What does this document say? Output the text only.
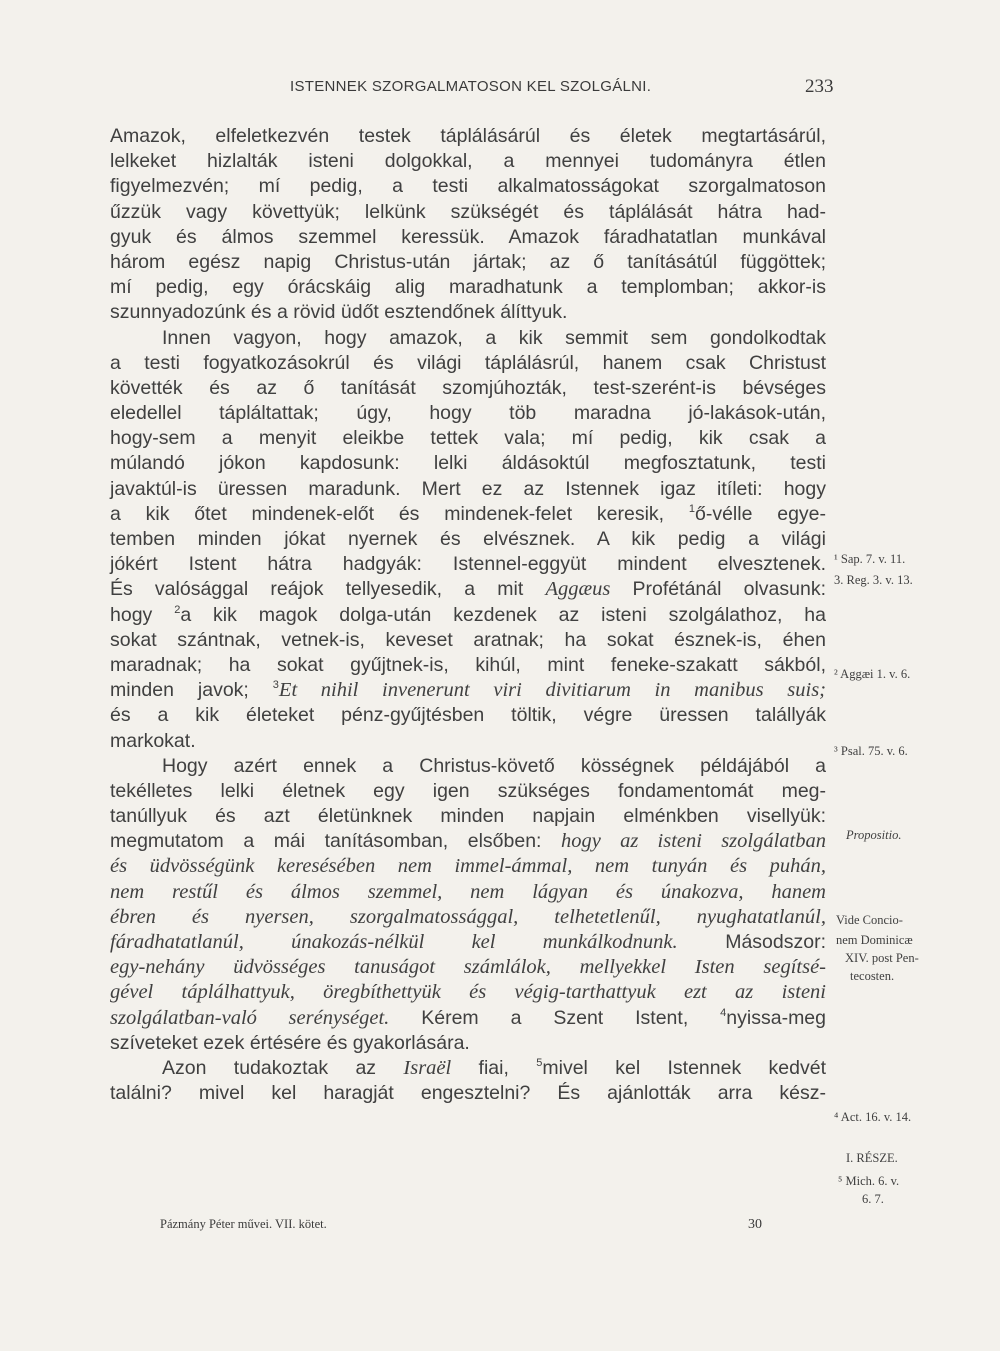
ISTENNEK SZORGALMATOSON KEL SZOLGÁLNI.	233
Amazok, elfeletkezvén testek táplálásárúl és életek megtartásárúl,
lelkeket hizlalták isteni dolgokkal, a mennyei tudományra étlen
figyelmezvén; mí pedig, a testi alkalmatosságokat szorgalmatoson
űzzük vagy követtyük; lelkünk szükségét és táplálását hátra had-
gyuk és álmos szemmel keressük. Amazok fáradhatatlan munkával
három egész napig Christus-után jártak; az ő tanításátúl függöttek;
mí pedig, egy órácskáig alig maradhatunk a templomban; akkor-is
szunnyadozúnk és a rövid üdőt esztendőnek álíttyuk.
Innen vagyon, hogy amazok, a kik semmit sem gondolkodtak
a testi fogyatkozásokrúl és világi táplálásrúl, hanem csak Christust
követték és az ő tanítását szomjúhozták, test-szerént-is bévséges
eledellel tápláltattak; úgy, hogy töb maradna jó-lakások-után,
hogy-sem a menyit eleikbe tettek vala; mí pedig, kik csak a
múlandó jókon kapdosunk: lelki áldásoktúl megfosztatunk, testi
javaktúl-is üressen maradunk. Mert ez az Istennek igaz itíleti: hogy
a kik őtet mindenek-előt és mindenek-felet keresik, $^1$ő-vélle egye-
temben minden jókat nyernek és elvésznek. A kik pedig a világi
jókért Istent hátra hadgyák: Istennel-eggyüt mindent elvesztenek.
És valósággal reájok tellyesedik, a mit Aggæus Profétánál olvasunk:
hogy $^2$a kik magok dolga-után kezdenek az isteni szolgálathoz, ha
sokat szántnak, vetnek-is, keveset aratnak; ha sokat észnek-is, éhen
maradnak; ha sokat gyűjtnek-is, kihúl, mint feneke-szakatt sákból,
minden javok; $^3$Et nihil invenerunt viri divitiarum in manibus suis;
és a kik életeket pénz-gyűjtésben töltik, végre üressen talállyák
markokat.
Hogy azért ennek a Christus-követő kösségnek példájából a
tekélletes lelki életnek egy igen szükséges fondamentomát meg-
tanúllyuk és azt életünknek minden napjain elménkben visellyük:
megmutatom a mái tanításomban, elsőben: hogy az isteni szolgálatban
és üdvösségünk keresésében nem immel-ámmal, nem tunyán és puhán,
nem restűl és álmos szemmel, nem lágyan és únakozva, hanem
ébren és nyersen, szorgalmatossággal, telhetetlenűl, nyughatatlanúl,
fáradhatatlanúl, únakozás-nélkül kel munkálkodnunk. Másodszor:
egy-nehány üdvösséges tanuságot számlálok, mellyekkel Isten segítsé-
gével táplálhattyuk, öregbíthettyük és végig-tarthattyuk ezt az isteni
szolgálatban-való serénységet. Kérem a Szent Istent, $^4$nyissa-meg
szíveteket ezek értésére és gyakorlására.
Azon tudakoztak az Israël fiai, $^5$mivel kel Istennek kedvét
találni? mivel kel haragját engesztelni? És ajánlották arra kész-
¹ Sap. 7. v. 11.
3. Reg. 3. v. 13.
² Aggæi 1. v. 6.
³ Psal. 75. v. 6.
Propositio.
Vide Concio-
nem Dominicæ
XIV. post Pen-
tecosten.
⁴ Act. 16. v. 14.
I. RÉSZE.
⁵ Mich. 6. v.
6. 7.
Pázmány Péter művei. VII. kötet.	30
